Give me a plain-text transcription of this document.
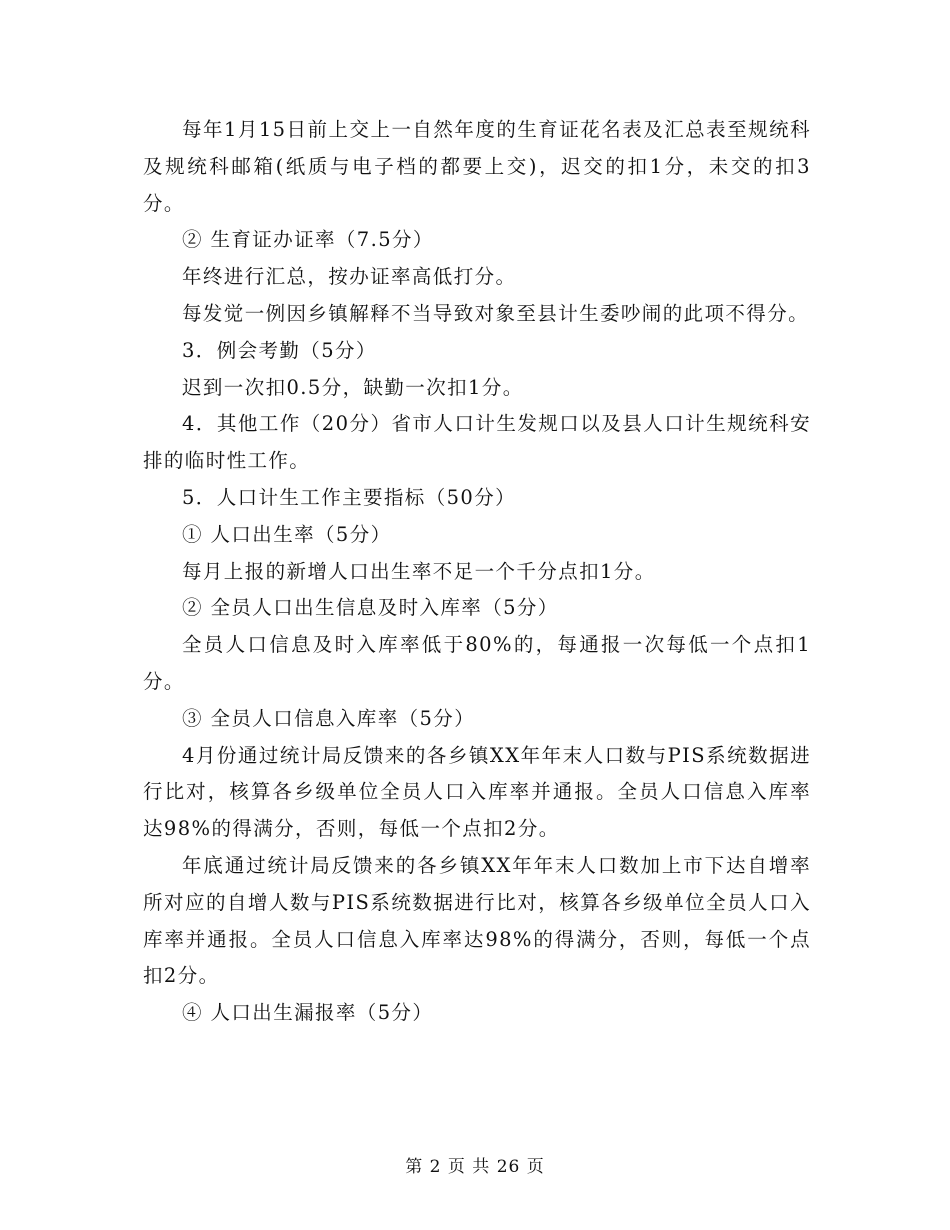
每年1月15日前上交上一自然年度的生育证花名表及汇总表至规统科及规统科邮箱(纸质与电子档的都要上交)，迟交的扣1分，未交的扣3分。

② 生育证办证率（7.5分）

年终进行汇总，按办证率高低打分。

每发觉一例因乡镇解释不当导致对象至县计生委吵闹的此项不得分。

3．例会考勤（5分）

迟到一次扣0.5分，缺勤一次扣1分。

4．其他工作（20分）省市人口计生发规口以及县人口计生规统科安排的临时性工作。

5．人口计生工作主要指标（50分）

① 人口出生率（5分）

每月上报的新增人口出生率不足一个千分点扣1分。

② 全员人口出生信息及时入库率（5分）

全员人口信息及时入库率低于80%的，每通报一次每低一个点扣1分。

③ 全员人口信息入库率（5分）

4月份通过统计局反馈来的各乡镇XX年年末人口数与PIS系统数据进行比对，核算各乡级单位全员人口入库率并通报。全员人口信息入库率达98%的得满分，否则，每低一个点扣2分。

年底通过统计局反馈来的各乡镇XX年年末人口数加上市下达自增率所对应的自增人数与PIS系统数据进行比对，核算各乡级单位全员人口入库率并通报。全员人口信息入库率达98%的得满分，否则，每低一个点扣2分。

④ 人口出生漏报率（5分）

第 2 页 共 26 页
